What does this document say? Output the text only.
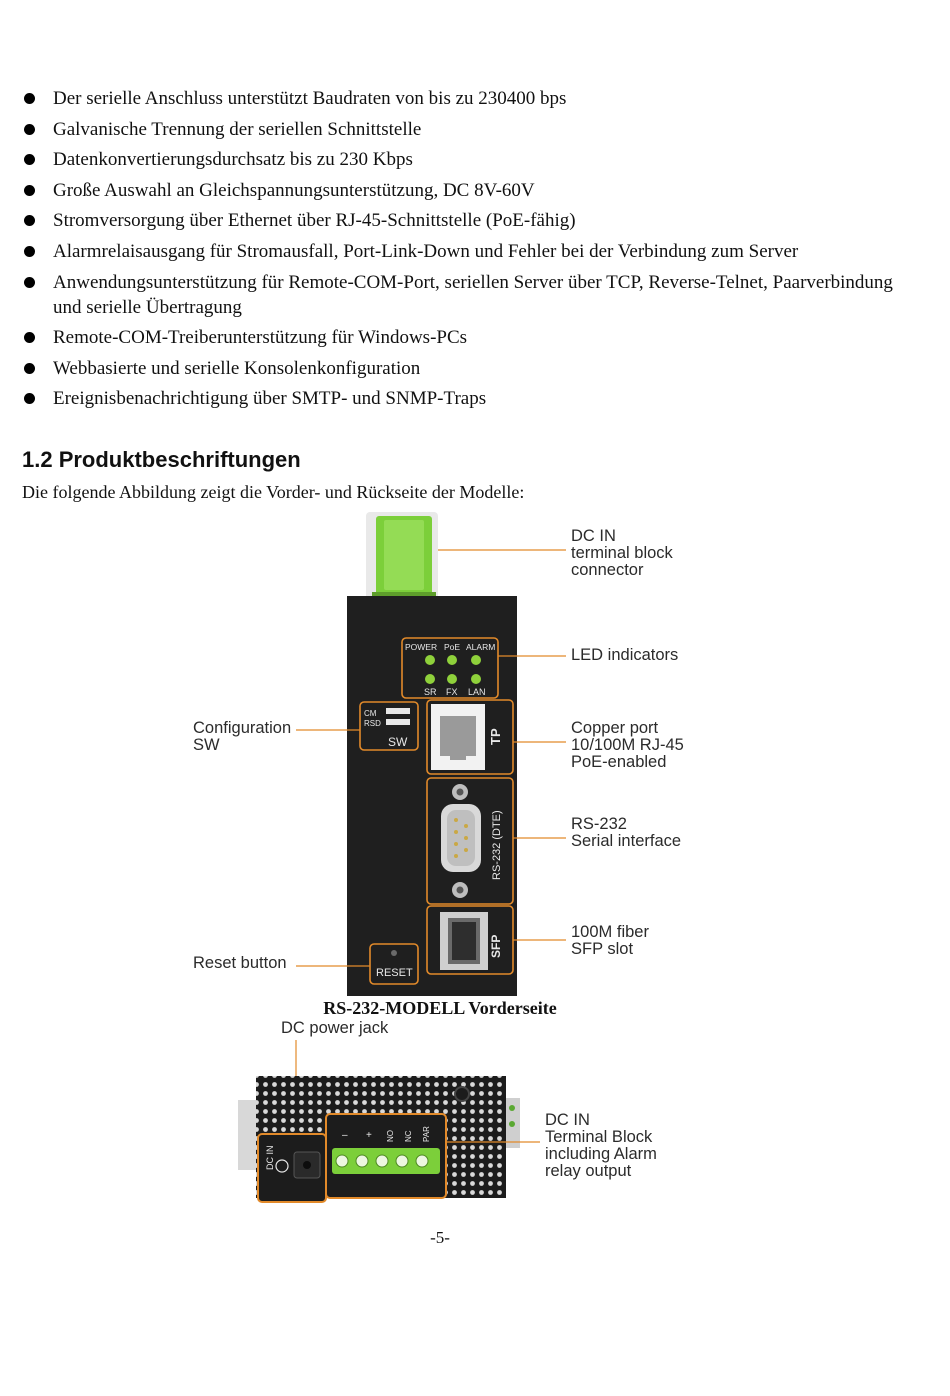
Der serielle Anschluss unterstützt Baudraten von bis zu 230400 bps
Galvanische Trennung der seriellen Schnittstelle
Datenkonvertierungsdurchsatz bis zu 230 Kbps
Große Auswahl an Gleichspannungsunterstützung, DC 8V-60V
Stromversorgung über Ethernet über RJ-45-Schnittstelle (PoE-fähig)
Alarmrelaisausgang für Stromausfall, Port-Link-Down und Fehler bei der Verbindung zum Server
Anwendungsunterstützung für Remote-COM-Port, seriellen Server über TCP, Reverse-Telnet, Paarverbindung und serielle Übertragung
Remote-COM-Treiberunterstützung für Windows-PCs
Webbasierte und serielle Konsolenkonfiguration
Ereignisbenachrichtigung über SMTP- und SNMP-Traps
1.2 Produktbeschriftungen

Die folgende Abbildung zeigt die Vorder- und Rückseite der Modelle:

POWER PoE ALARM
SR FX LAN
CM
RSD
SW	TP
RS-232 (DTE)
SFP
RESET
DC IN
terminal block
connector
LED indicators
Configuration
SW
Copper port
10/100M RJ-45
PoE-enabled
RS-232
Serial interface
100M fiber
SFP slot
Reset button
DC power jack
DC IN
– + NO NC PAR
DC IN
Terminal Block
including Alarm
relay output

RS-232-MODELL Vorderseite

-5-
